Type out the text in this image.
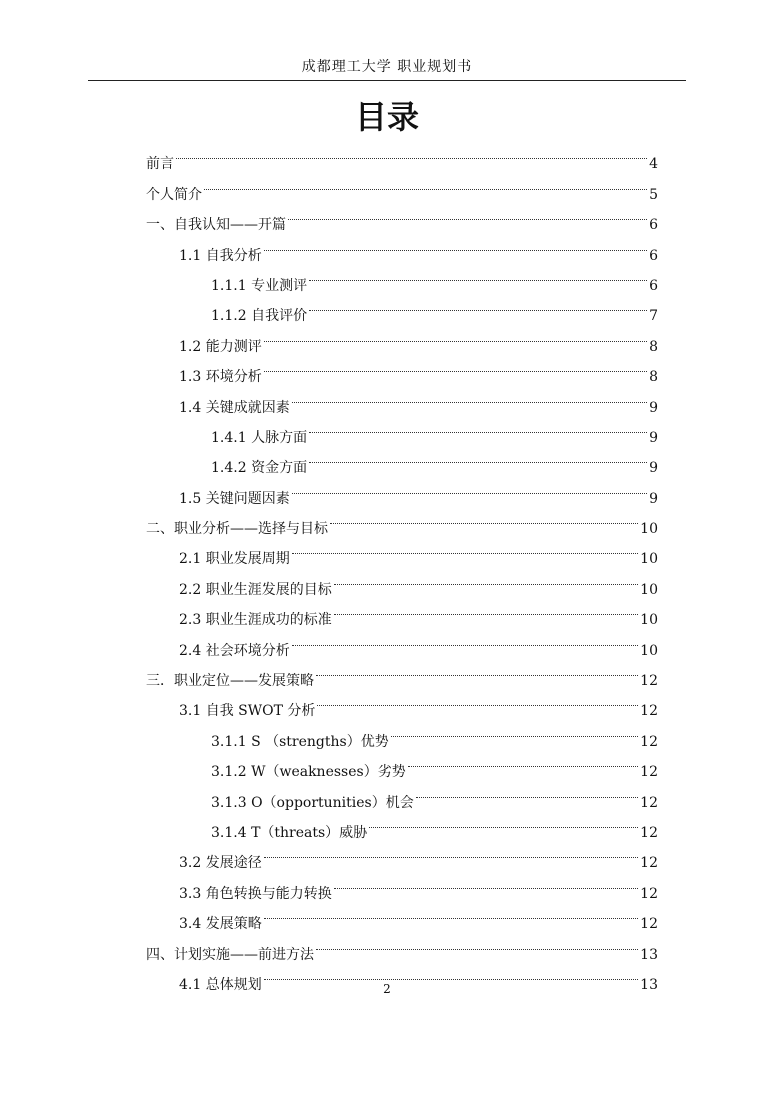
成都理工大学 职业规划书
目录
前言	4
个人简介	5
一、自我认知——开篇	6
1.1 自我分析	6
1.1.1 专业测评	6
1.1.2 自我评价	7
1.2 能力测评	8
1.3 环境分析	8
1.4 关键成就因素	9
1.4.1 人脉方面	9
1.4.2 资金方面	9
1.5 关键问题因素	9
二、职业分析——选择与目标	10
2.1 职业发展周期	10
2.2 职业生涯发展的目标	10
2.3 职业生涯成功的标准	10
2.4 社会环境分析	10
三．职业定位——发展策略	12
3.1 自我 SWOT 分析	12
3.1.1 S （strengths）优势	12
3.1.2 W（weaknesses）劣势	12
3.1.3 O（opportunities）机会	12
3.1.4 T（threats）威胁	12
3.2 发展途径	12
3.3 角色转换与能力转换	12
3.4 发展策略	12
四、计划实施——前进方法	13
4.1 总体规划	13
2
